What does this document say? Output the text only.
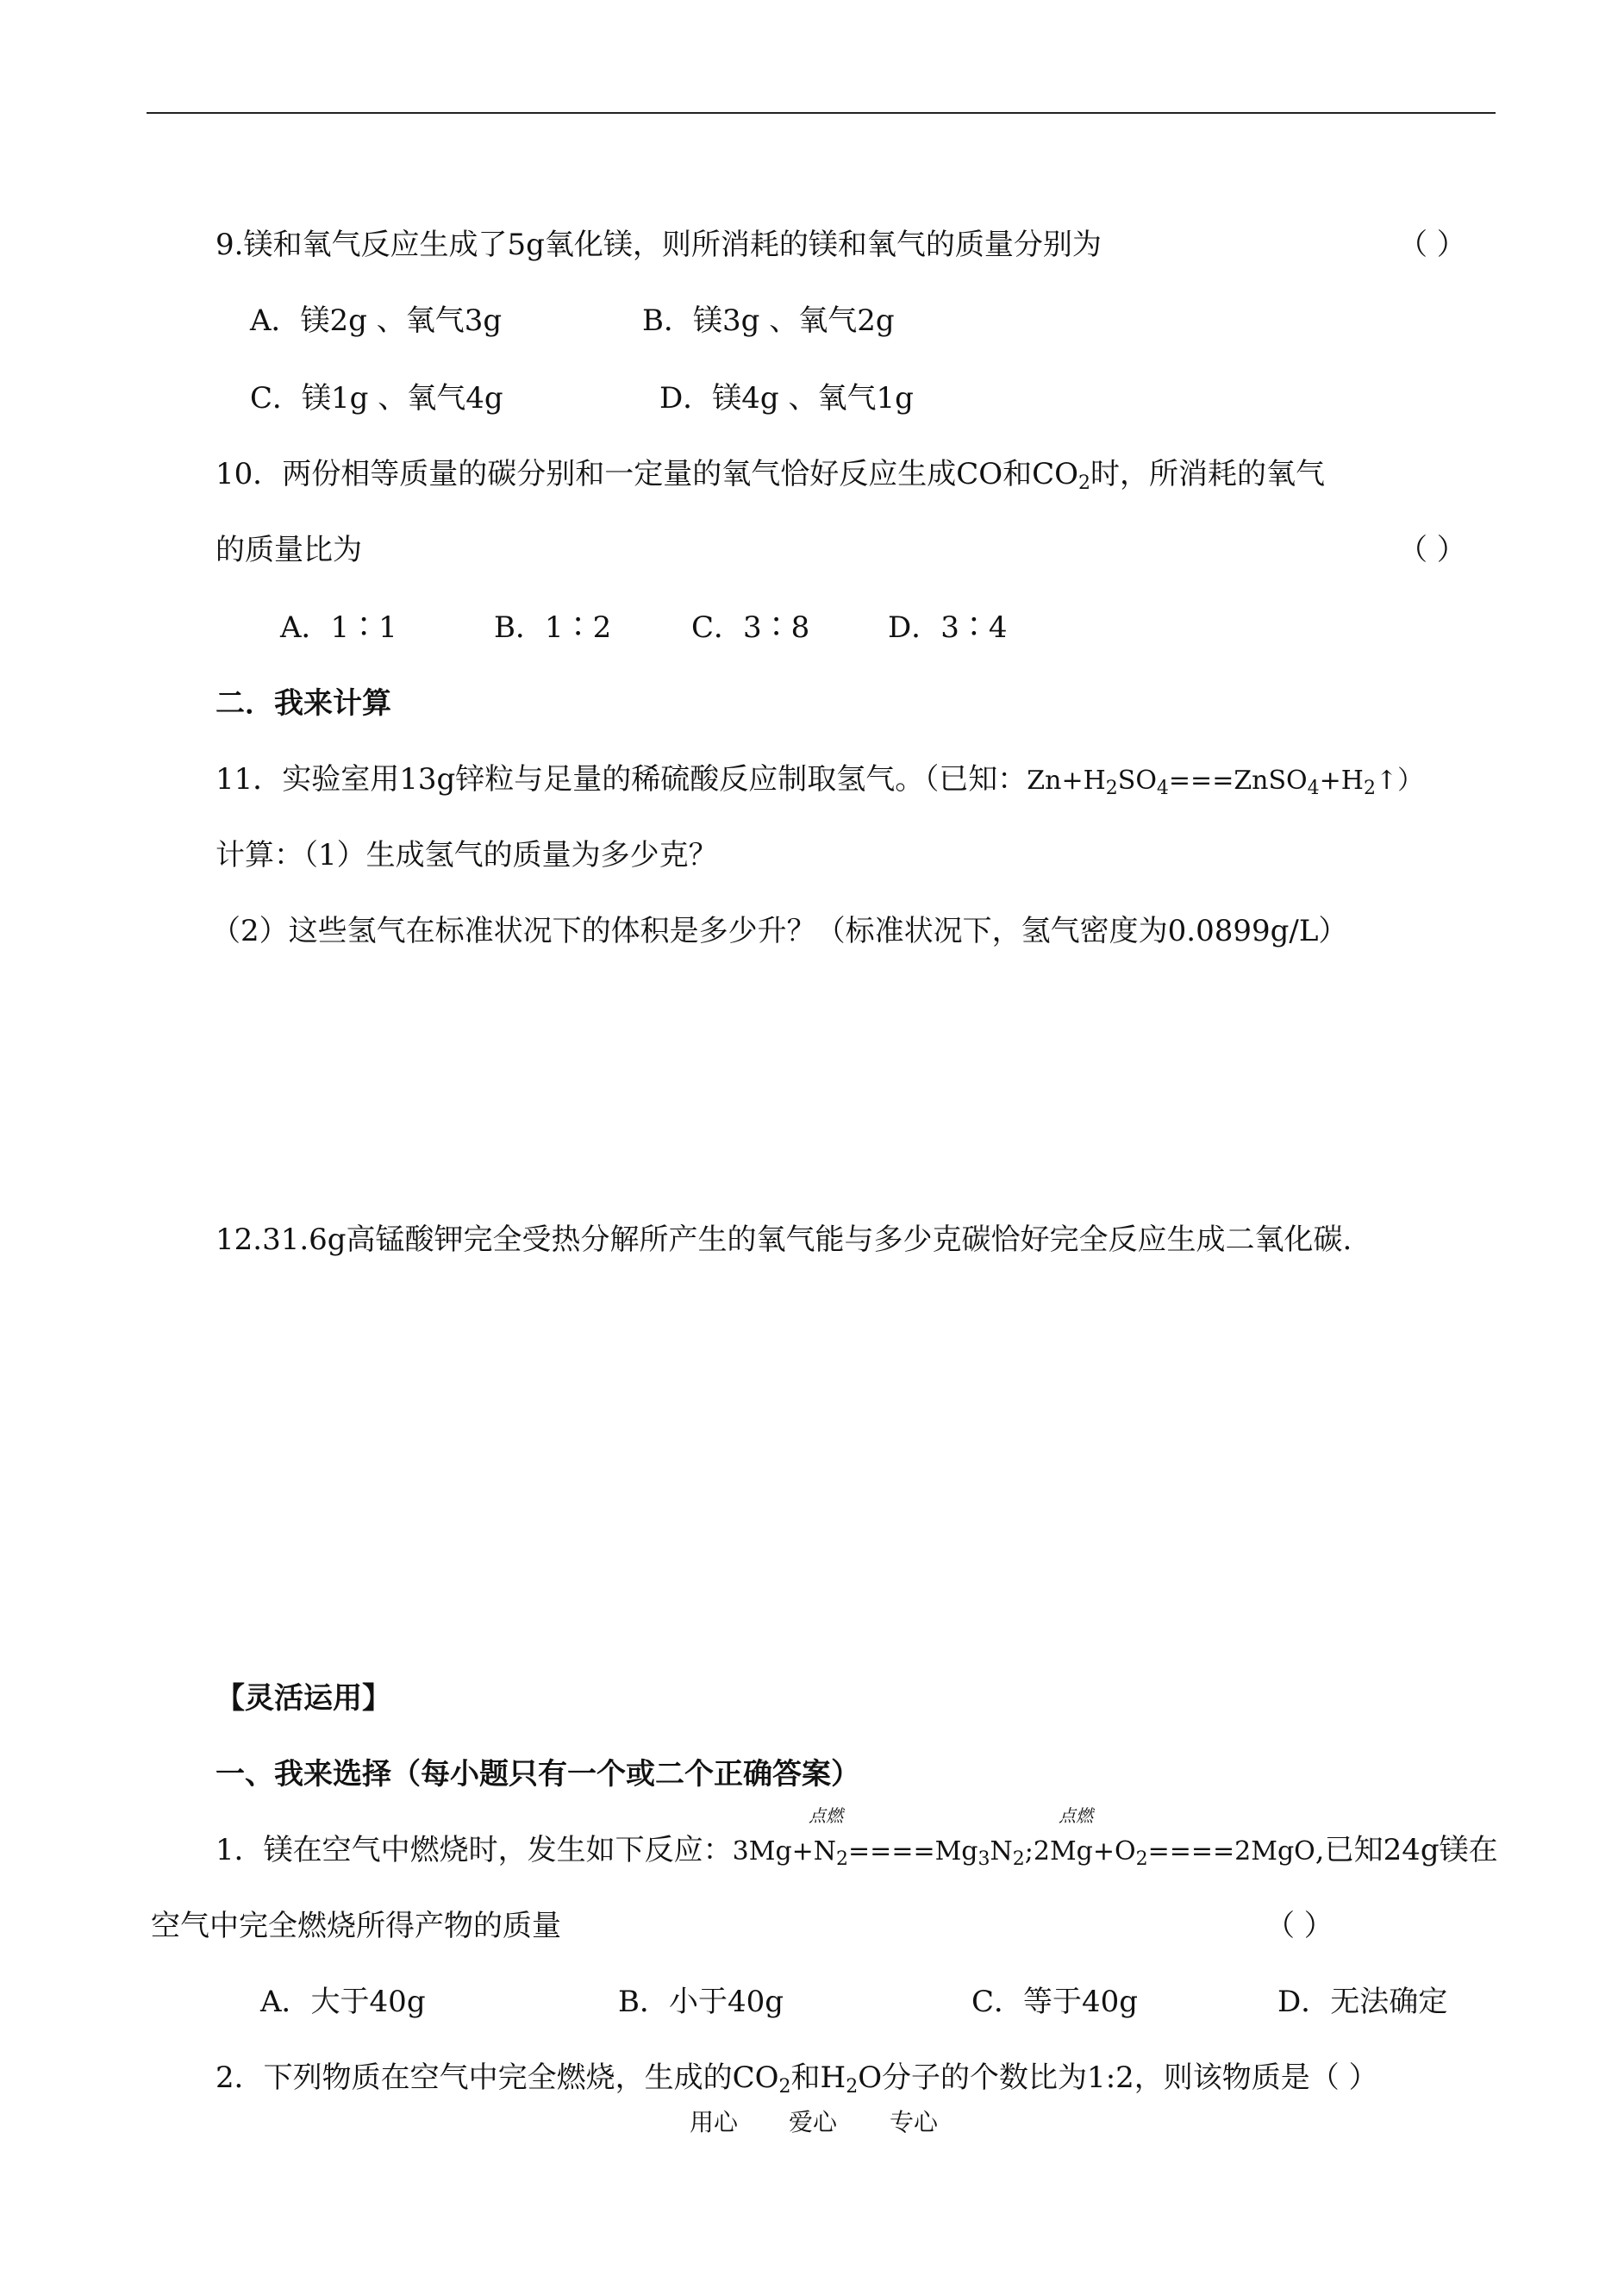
9.镁和氧气反应生成了5g氧化镁，则所消耗的镁和氧气的质量分别为	（ ）
A．镁2g 、氧气3g	B．镁3g 、氧气2g
C．镁1g 、氧气4g	D．镁4g 、氧气1g
10．两份相等质量的碳分别和一定量的氧气恰好反应生成CO和$CO_2$时，所消耗的氧气
的质量比为	（ ）
A．1∶1	B．1∶2	C．3∶8	D．3∶4
二．我来计算
11．实验室用13g锌粒与足量的稀硫酸反应制取氢气。（已知：$Zn+H_2SO_4===ZnSO_4+H_2↑$）
计算：（1）生成氢气的质量为多少克？
（2）这些氢气在标准状况下的体积是多少升？（标准状况下，氢气密度为0.0899g/L）
12.31.6g高锰酸钾完全受热分解所产生的氧气能与多少克碳恰好完全反应生成二氧化碳.
【灵活运用】
一、我来选择（每小题只有一个或二个正确答案）
点燃	点燃
1．镁在空气中燃烧时，发生如下反应：$3Mg+N_2====Mg_3N_2;2Mg+O_2====2MgO$,已知24g镁在
空气中完全燃烧所得产物的质量	（ ）
A．大于40g	B．小于40g	C．等于40g	D．无法确定
2．下列物质在空气中完全燃烧，生成的$CO_2$和$H_2O$分子的个数比为1:2，则该物质是（ ）
用心 爱心 专心
